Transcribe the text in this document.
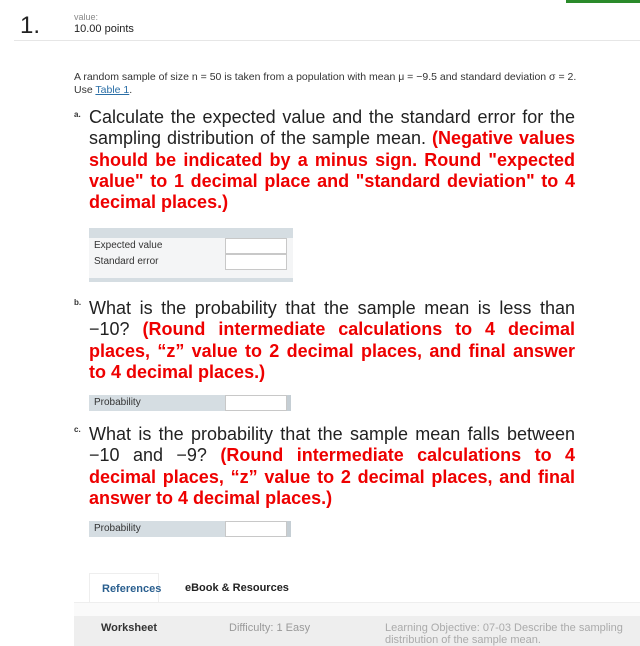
1.	value:
10.00 points
A random sample of size n = 50 is taken from a population with mean μ = −9.5 and standard deviation σ = 2.
Use Table 1.
a. Calculate the expected value and the standard error for the sampling distribution of the sample mean. (Negative values should be indicated by a minus sign. Round "expected value" to 1 decimal place and "standard deviation" to 4 decimal places.)
Expected value
Standard error
b. What is the probability that the sample mean is less than −10? (Round intermediate calculations to 4 decimal places, “z” value to 2 decimal places, and final answer to 4 decimal places.)
Probability
c. What is the probability that the sample mean falls between −10 and −9? (Round intermediate calculations to 4 decimal places, “z” value to 2 decimal places, and final answer to 4 decimal places.)
Probability
References	eBook & Resources
Worksheet	Difficulty: 1 Easy	Learning Objective: 07-03 Describe the sampling distribution of the sample mean.
